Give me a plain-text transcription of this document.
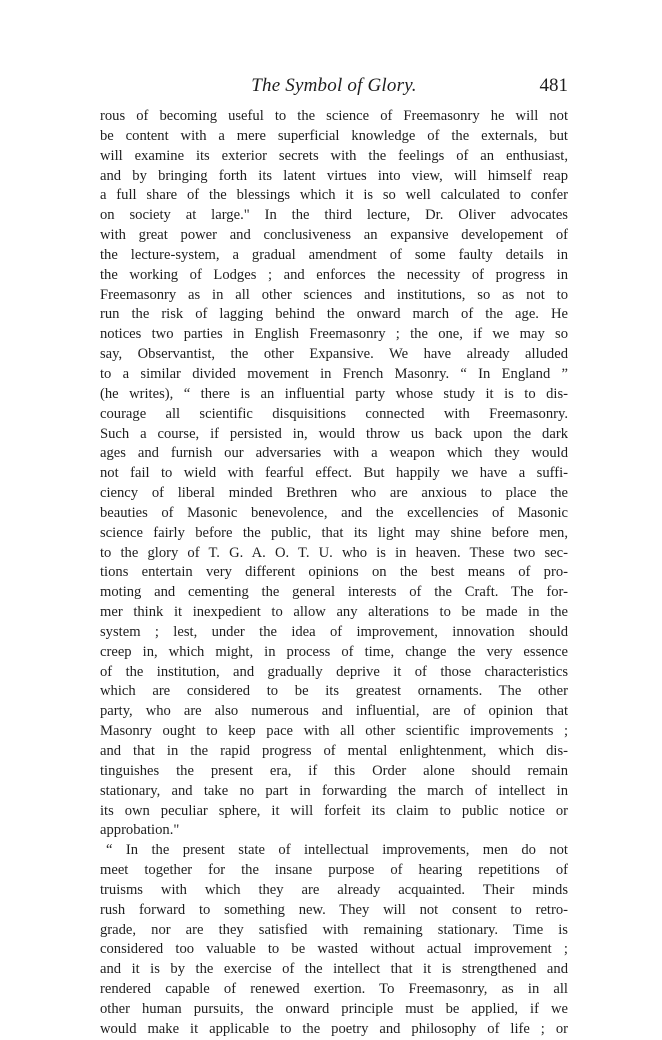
The Symbol of Glory.	481
rous of becoming useful to the science of Freemasonry he will not
be content with a mere superficial knowledge of the externals, but
will examine its exterior secrets with the feelings of an enthusiast,
and by bringing forth its latent virtues into view, will himself reap
a full share of the blessings which it is so well calculated to confer
on society at large." In the third lecture, Dr. Oliver advocates
with great power and conclusiveness an expansive developement of
the lecture-system, a gradual amendment of some faulty details in
the working of Lodges ; and enforces the necessity of progress in
Freemasonry as in all other sciences and institutions, so as not to
run the risk of lagging behind the onward march of the age. He
notices two parties in English Freemasonry ; the one, if we may so
say, Observantist, the other Expansive. We have already alluded
to a similar divided movement in French Masonry. “ In England ”
(he writes), “ there is an influential party whose study it is to dis-
courage all scientific disquisitions connected with Freemasonry.
Such a course, if persisted in, would throw us back upon the dark
ages and furnish our adversaries with a weapon which they would
not fail to wield with fearful effect. But happily we have a suffi-
ciency of liberal minded Brethren who are anxious to place the
beauties of Masonic benevolence, and the excellencies of Masonic
science fairly before the public, that its light may shine before men,
to the glory of T. G. A. O. T. U. who is in heaven. These two sec-
tions entertain very different opinions on the best means of pro-
moting and cementing the general interests of the Craft. The for-
mer think it inexpedient to allow any alterations to be made in the
system ; lest, under the idea of improvement, innovation should
creep in, which might, in process of time, change the very essence
of the institution, and gradually deprive it of those characteristics
which are considered to be its greatest ornaments. The other
party, who are also numerous and influential, are of opinion that
Masonry ought to keep pace with all other scientific improvements ;
and that in the rapid progress of mental enlightenment, which dis-
tinguishes the present era, if this Order alone should remain
stationary, and take no part in forwarding the march of intellect in
its own peculiar sphere, it will forfeit its claim to public notice or
approbation."
“ In the present state of intellectual improvements, men do not
meet together for the insane purpose of hearing repetitions of
truisms with which they are already acquainted. Their minds
rush forward to something new. They will not consent to retro-
grade, nor are they satisfied with remaining stationary. Time is
considered too valuable to be wasted without actual improvement ;
and it is by the exercise of the intellect that it is strengthened and
rendered capable of renewed exertion. To Freemasonry, as in all
other human pursuits, the onward principle must be applied, if we
would make it applicable to the poetry and philosophy of life ; or
